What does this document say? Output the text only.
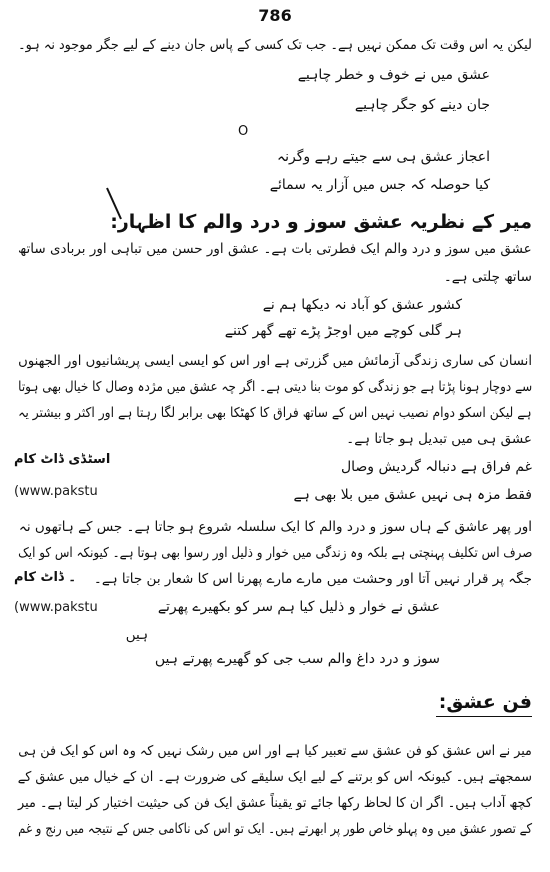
786
لیکن یہ اس وقت تک ممکن نہیں ہے۔ جب تک کسی کے پاس جان دینے کے لیے جگر موجود نہ ہو۔
عشق میں نے خوف و خطر چاہیے
جان دینے کو جگر چاہیے
O
اعجاز عشق ہی سے جیتے رہے وگرنہ
کیا حوصلہ کہ جس میں آزار یہ سمائے
میر کے نظریہ عشق سوز و درد والم کا اظہار:
عشق میں سوز و درد والم ایک فطرتی بات ہے۔ عشق اور حسن میں تباہی اور بربادی ساتھ
ساتھ چلتی ہے۔
کشور عشق کو آباد نہ دیکھا ہم نے
ہر گلی کوچے میں اوجڑ پڑے تھے گھر کتنے
انسان کی ساری زندگی آزمائش میں گزرتی ہے اور اس کو ایسی ایسی پریشانیوں اور الجھنوں
سے دوچار ہونا پڑتا ہے جو زندگی کو موت بنا دیتی ہے۔ اگر چہ عشق میں مژدہ وصال کا خیال بھی ہوتا
ہے لیکن اسکو دوام نصیب نہیں اس کے ساتھ فراق کا کھٹکا بھی برابر لگا رہتا ہے اور اکثر و بیشتر یہ
عشق ہی میں تبدیل ہو جاتا ہے۔
غم فراق ہے دنبالہ گردیش وصال
اسٹڈی ڈاٹ کام
(www.pakstu	فقط مزہ ہی نہیں عشق میں بلا بھی ہے
اور پھر عاشق کے ہاں سوز و درد والم کا ایک سلسلہ شروع ہو جاتا ہے۔ جس کے ہاتھوں نہ
صرف اس تکلیف پہنچتی ہے بلکہ وہ زندگی میں خوار و ذلیل اور رسوا بھی ہوتا ہے۔ کیونکہ اس کو ایک
جگہ پر قرار نہیں آتا اور وحشت میں مارے مارے پھرنا اس کا شعار بن جاتا ہے۔
۔ ڈاٹ کام
عشق نے خوار و ذلیل کیا ہم سر کو بکھیرے پھرتے
(www.pakstu
ہیں
سوز و درد داغ والم سب جی کو گھیرے پھرتے ہیں
فن عشق:
میر نے اس عشق کو فن عشق سے تعبیر کیا ہے اور اس میں رشک نہیں کہ وہ اس کو ایک فن ہی
سمجھتے ہیں۔ کیونکہ اس کو برتنے کے لیے ایک سلیقے کی ضرورت ہے۔ ان کے خیال میں عشق کے
کچھ آداب ہیں۔ اگر ان کا لحاظ رکھا جائے تو یقیناً عشق ایک فن کی حیثیت اختیار کر لیتا ہے۔ میر
کے تصور عشق میں وہ پہلو خاص طور پر ابھرتے ہیں۔ ایک تو اس کی ناکامی جس کے نتیجہ میں رنج و غم
